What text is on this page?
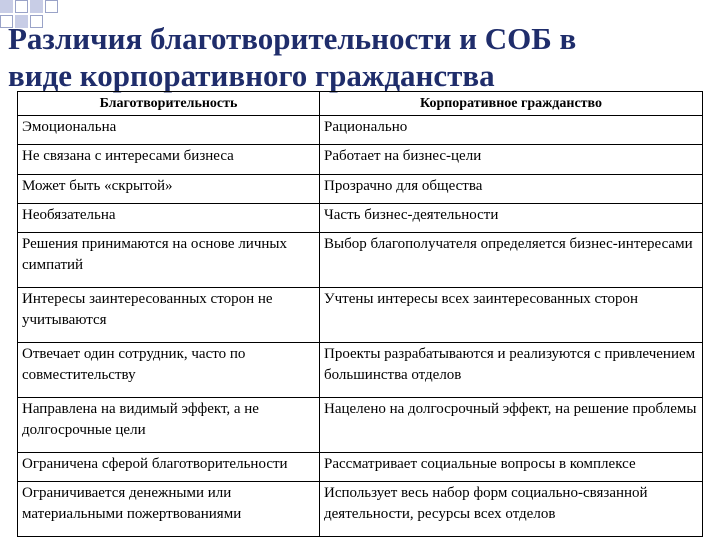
Различия благотворительности и СОБ в
виде корпоративного гражданства
Благотворительность	Корпоративное гражданство
Эмоциональна	Рационально
Не связана с интересами бизнеса	Работает на бизнес-цели
Может быть «скрытой»	Прозрачно для общества
Необязательна	Часть бизнес-деятельности
Решения принимаются на основе личных симпатий	Выбор благополучателя определяется бизнес-интересами
Интересы заинтересованных сторон не учитываются	Учтены интересы всех заинтересованных сторон
Отвечает один сотрудник, часто по совместительству	Проекты разрабатываются и реализуются с привлечением большинства отделов
Направлена на видимый эффект, а не долгосрочные цели	Нацелено на долгосрочный эффект, на решение проблемы
Ограничена сферой благотворительности	Рассматривает социальные вопросы в комплексе
Ограничивается денежными или материальными пожертвованиями	Использует весь набор форм социально-связанной деятельности, ресурсы всех отделов
